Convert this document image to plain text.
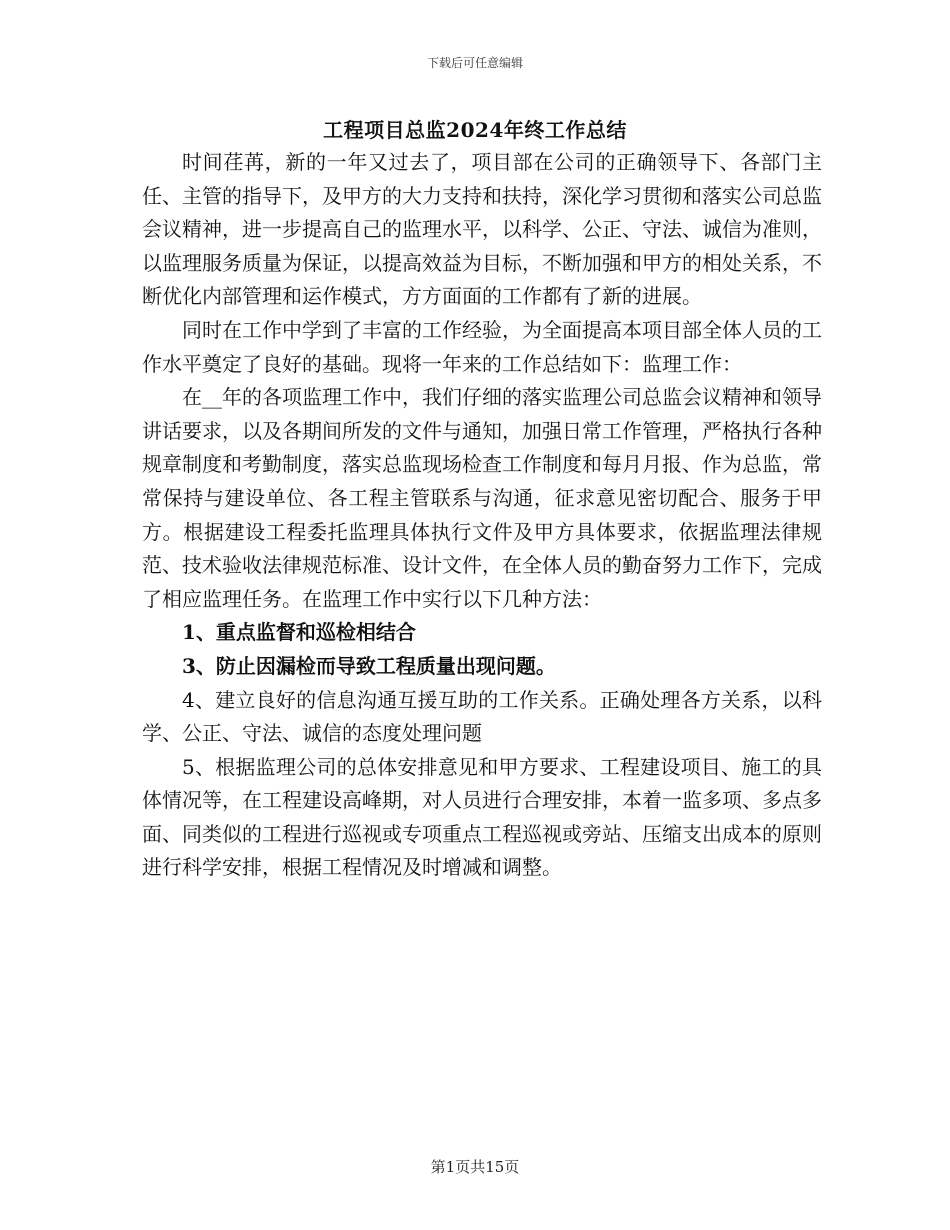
下载后可任意编辑
工程项目总监2024年终工作总结

时间荏苒，新的一年又过去了，项目部在公司的正确领导下、各部门主任、主管的指导下，及甲方的大力支持和扶持，深化学习贯彻和落实公司总监会议精神，进一步提高自己的监理水平，以科学、公正、守法、诚信为准则，以监理服务质量为保证，以提高效益为目标，不断加强和甲方的相处关系，不断优化内部管理和运作模式，方方面面的工作都有了新的进展。

同时在工作中学到了丰富的工作经验，为全面提高本项目部全体人员的工作水平奠定了良好的基础。现将一年来的工作总结如下：监理工作：

在__年的各项监理工作中，我们仔细的落实监理公司总监会议精神和领导讲话要求，以及各期间所发的文件与通知，加强日常工作管理，严格执行各种规章制度和考勤制度，落实总监现场检查工作制度和每月月报、作为总监，常常保持与建设单位、各工程主管联系与沟通，征求意见密切配合、服务于甲方。根据建设工程委托监理具体执行文件及甲方具体要求，依据监理法律规范、技术验收法律规范标准、设计文件，在全体人员的勤奋努力工作下，完成了相应监理任务。在监理工作中实行以下几种方法：

1、重点监督和巡检相结合

3、防止因漏检而导致工程质量出现问题。

4、建立良好的信息沟通互援互助的工作关系。正确处理各方关系，以科学、公正、守法、诚信的态度处理问题

5、根据监理公司的总体安排意见和甲方要求、工程建设项目、施工的具体情况等，在工程建设高峰期，对人员进行合理安排，本着一监多项、多点多面、同类似的工程进行巡视或专项重点工程巡视或旁站、压缩支出成本的原则进行科学安排，根据工程情况及时增减和调整。

第1页共15页
